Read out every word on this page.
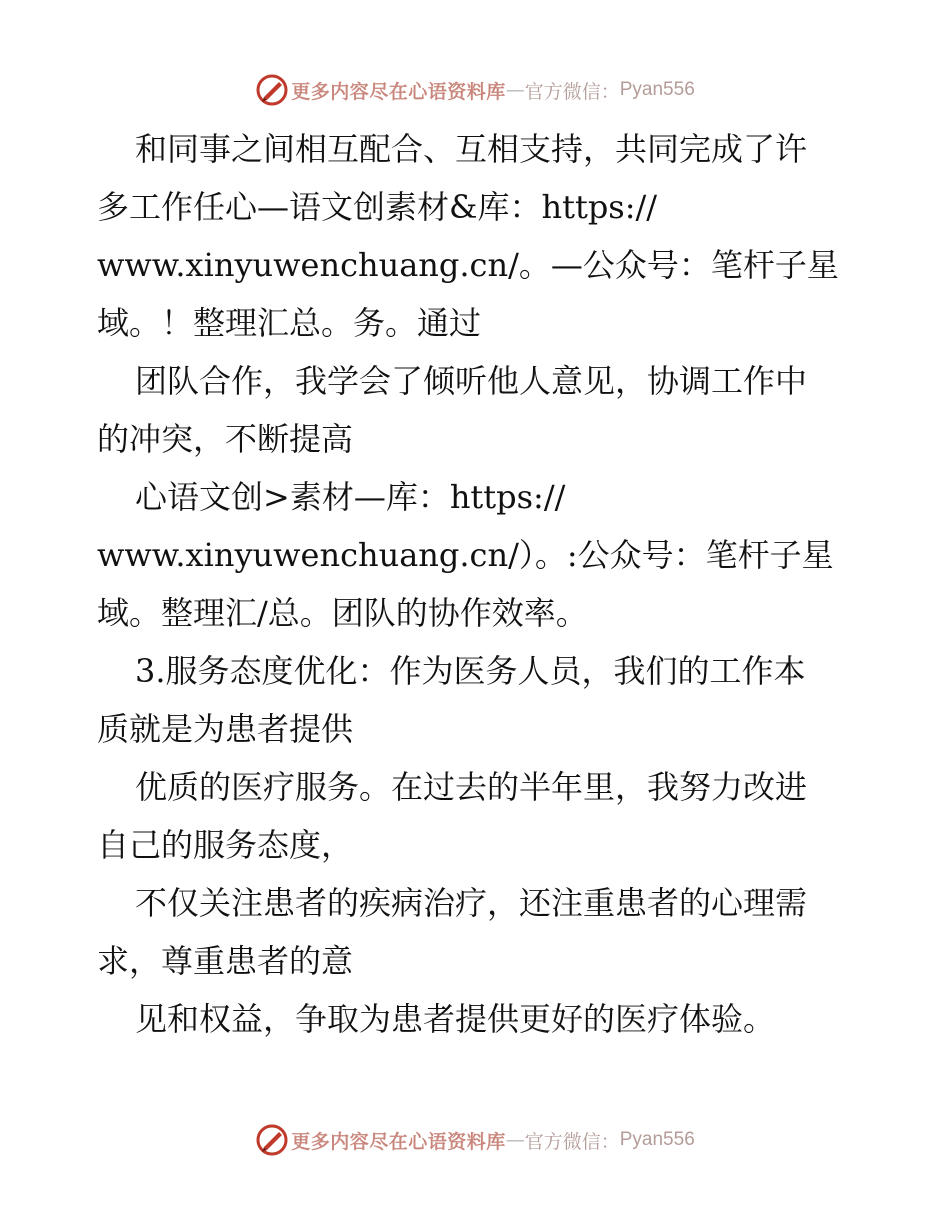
更多内容尽在心语资料库 — 官方微信： Pyan556
和同事之间相互配合、互相支持，共同完成了许
多工作任心—语文创素材&库：https://
www.xinyuwenchuang.cn/。—公众号：笔杆子星
域。！整理汇总。务。通过
团队合作，我学会了倾听他人意见，协调工作中
的冲突，不断提高
心语文创>素材—库：https://
www.xinyuwenchuang.cn/）。:公众号：笔杆子星
域。整理汇/总。团队的协作效率。
3.服务态度优化：作为医务人员，我们的工作本
质就是为患者提供
优质的医疗服务。在过去的半年里，我努力改进
自己的服务态度，
不仅关注患者的疾病治疗，还注重患者的心理需
求，尊重患者的意
见和权益，争取为患者提供更好的医疗体验。
更多内容尽在心语资料库 — 官方微信： Pyan556
